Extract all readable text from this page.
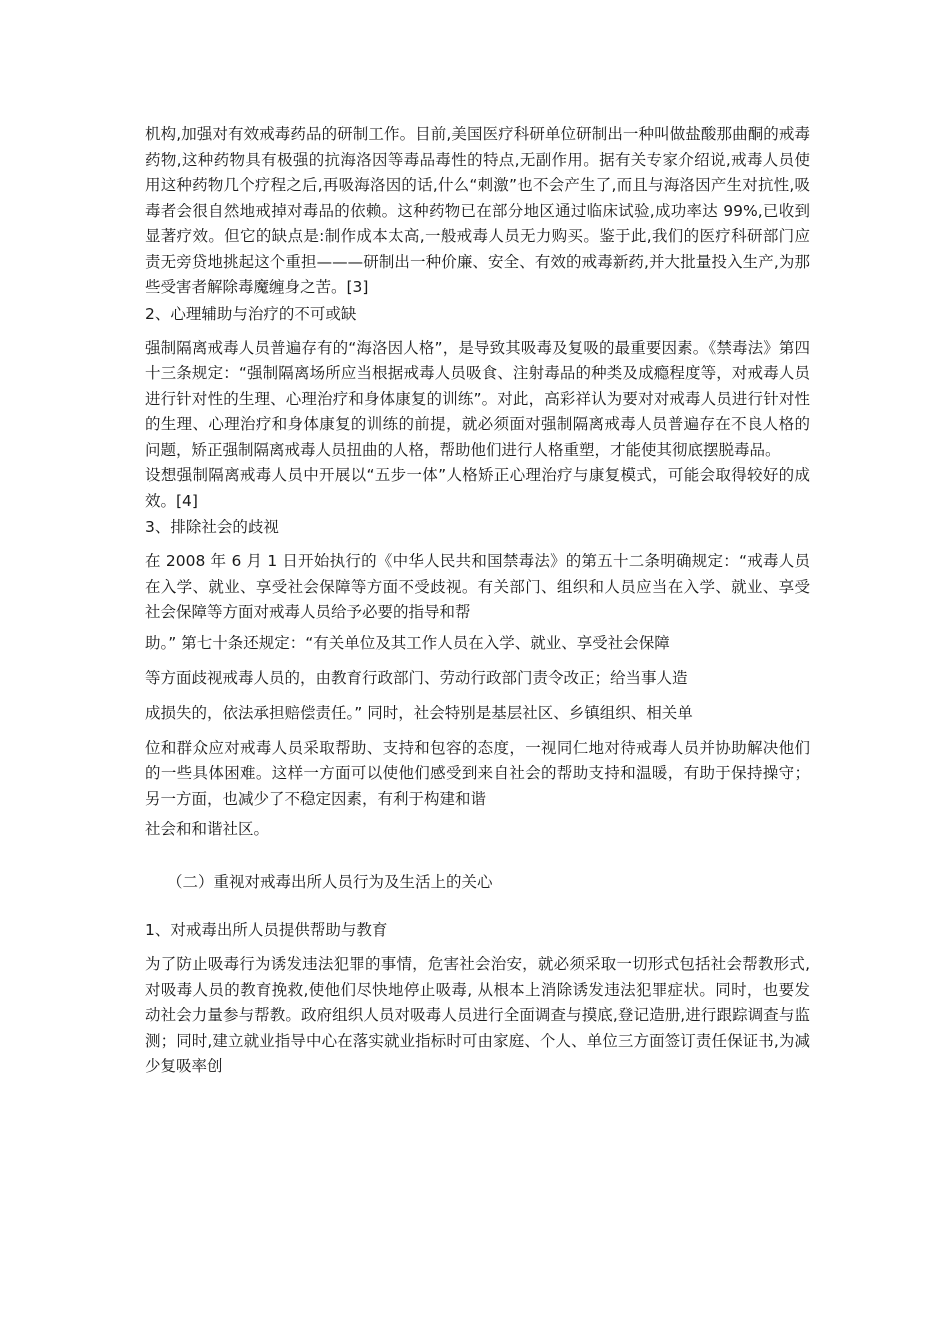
机构,加强对有效戒毒药品的研制工作。目前,美国医疗科研单位研制出一种叫做盐酸那曲酮的戒毒药物,这种药物具有极强的抗海洛因等毒品毒性的特点,无副作用。据有关专家介绍说,戒毒人员使用这种药物几个疗程之后,再吸海洛因的话,什么“刺激”也不会产生了,而且与海洛因产生对抗性,吸毒者会很自然地戒掉对毒品的依赖。这种药物已在部分地区通过临床试验,成功率达 99%,已收到显著疗效。但它的缺点是:制作成本太高,一般戒毒人员无力购买。鉴于此,我们的医疗科研部门应责无旁贷地挑起这个重担———研制出一种价廉、安全、有效的戒毒新药,并大批量投入生产,为那些受害者解除毒魔缠身之苦。[3]

2、心理辅助与治疗的不可或缺

强制隔离戒毒人员普遍存有的“海洛因人格”，是导致其吸毒及复吸的最重要因素。《禁毒法》第四十三条规定：“强制隔离场所应当根据戒毒人员吸食、注射毒品的种类及成瘾程度等，对戒毒人员进行针对性的生理、心理治疗和身体康复的训练”。对此，高彩祥认为要对对戒毒人员进行针对性的生理、心理治疗和身体康复的训练的前提，就必须面对强制隔离戒毒人员普遍存在不良人格的问题，矫正强制隔离戒毒人员扭曲的人格，帮助他们进行人格重塑，才能使其彻底摆脱毒品。

设想强制隔离戒毒人员中开展以“五步一体”人格矫正心理治疗与康复模式，可能会取得较好的成效。[4]

3、排除社会的歧视

在 2008 年 6 月 1 日开始执行的《中华人民共和国禁毒法》的第五十二条明确规定：“戒毒人员在入学、就业、享受社会保障等方面不受歧视。有关部门、组织和人员应当在入学、就业、享受社会保障等方面对戒毒人员给予必要的指导和帮

助。” 第七十条还规定：“有关单位及其工作人员在入学、就业、享受社会保障

等方面歧视戒毒人员的，由教育行政部门、劳动行政部门责令改正；给当事人造

成损失的，依法承担赔偿责任。” 同时，社会特别是基层社区、乡镇组织、相关单

位和群众应对戒毒人员采取帮助、支持和包容的态度，一视同仁地对待戒毒人员并协助解决他们的一些具体困难。这样一方面可以使他们感受到来自社会的帮助支持和温暖，有助于保持操守；另一方面，也减少了不稳定因素，有利于构建和谐

社会和和谐社区。

（二）重视对戒毒出所人员行为及生活上的关心

1、对戒毒出所人员提供帮助与教育

为了防止吸毒行为诱发违法犯罪的事情，危害社会治安，就必须采取一切形式包括社会帮教形式,对吸毒人员的教育挽救,使他们尽快地停止吸毒, 从根本上消除诱发违法犯罪症状。同时，也要发动社会力量参与帮教。政府组织人员对吸毒人员进行全面调查与摸底,登记造册,进行跟踪调查与监测；同时,建立就业指导中心在落实就业指标时可由家庭、个人、单位三方面签订责任保证书,为减少复吸率创
